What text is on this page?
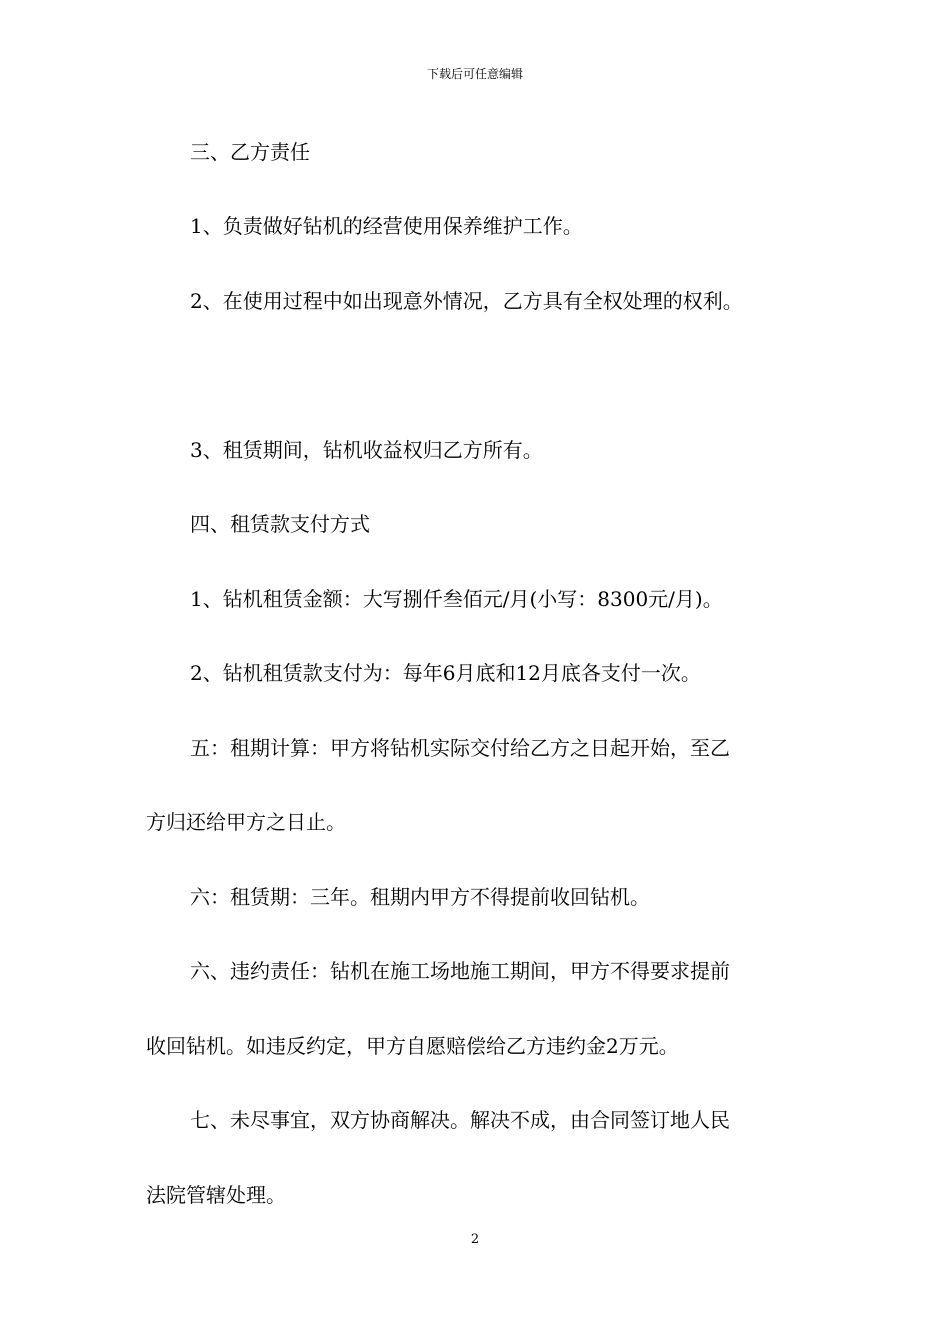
下载后可任意编辑
三、乙方责任
1、负责做好钻机的经营使用保养维护工作。
2、在使用过程中如出现意外情况，乙方具有全权处理的权利。
3、租赁期间，钻机收益权归乙方所有。
四、租赁款支付方式
1、钻机租赁金额：大写捌仟叁佰元/月(小写：8300元/月)。
2、钻机租赁款支付为：每年6月底和12月底各支付一次。
五：租期计算：甲方将钻机实际交付给乙方之日起开始，至乙
方归还给甲方之日止。
六：租赁期：三年。租期内甲方不得提前收回钻机。
六、违约责任：钻机在施工场地施工期间，甲方不得要求提前
收回钻机。如违反约定，甲方自愿赔偿给乙方违约金2万元。
七、未尽事宜，双方协商解决。解决不成，由合同签订地人民
法院管辖处理。
2
